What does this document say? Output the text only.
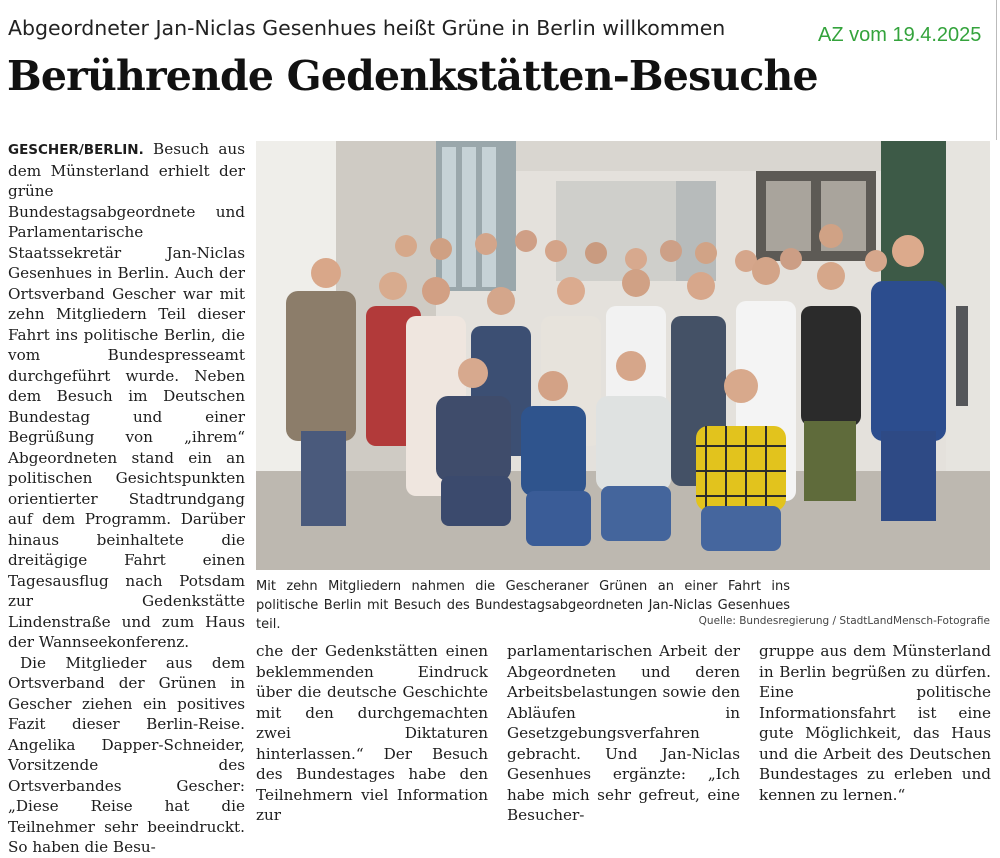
Abgeordneter Jan-Niclas Gesenhues heißt Grüne in Berlin willkommen	AZ vom 19.4.2025
Berührende Gedenkstätten-Besuche

GESCHER/BERLIN. Besuch aus dem Münsterland erhielt der grüne Bundestagsabgeordnete und Parlamentarische Staatssekretär Jan-Niclas Gesenhues in Berlin. Auch der Ortsverband Gescher war mit zehn Mitgliedern Teil dieser Fahrt ins politische Berlin, die vom Bundespresseamt durchgeführt wurde. Neben dem Besuch im Deutschen Bundestag und einer Begrüßung von „ihrem“ Abgeordneten stand ein an politischen Gesichtspunkten orientierter Stadtrundgang auf dem Programm. Darüber hinaus beinhaltete die dreitägige Fahrt einen Tagesausflug nach Potsdam zur Gedenkstätte Lindenstraße und zum Haus der Wannseekonferenz.

Die Mitglieder aus dem Ortsverband der Grünen in Gescher ziehen ein positives Fazit dieser Berlin-Reise. Angelika Dapper-Schneider, Vorsitzende des Ortsverbandes Gescher: „Diese Reise hat die Teilnehmer sehr beeindruckt. So haben die Besu-

Mit zehn Mitgliedern nahmen die Gescheraner Grünen an einer Fahrt ins politische Berlin mit Besuch des Bundestagsabgeordneten Jan-Niclas Gesenhues teil.	Quelle: Bundesregierung / StadtLandMensch-Fotografie

che der Gedenkstätten einen beklemmenden Eindruck über die deutsche Geschichte mit den durchgemachten zwei Diktaturen hinterlassen.“ Der Besuch des Bundestages habe den Teilnehmern viel Information zur

parlamentarischen Arbeit der Abgeordneten und deren Arbeitsbelastungen sowie den Abläufen in Gesetzgebungsverfahren gebracht. Und Jan-Niclas Gesenhues ergänzte: „Ich habe mich sehr gefreut, eine Besucher-

gruppe aus dem Münsterland in Berlin begrüßen zu dürfen. Eine politische Informationsfahrt ist eine gute Möglichkeit, das Haus und die Arbeit des Deutschen Bundestages zu erleben und kennen zu lernen.“
